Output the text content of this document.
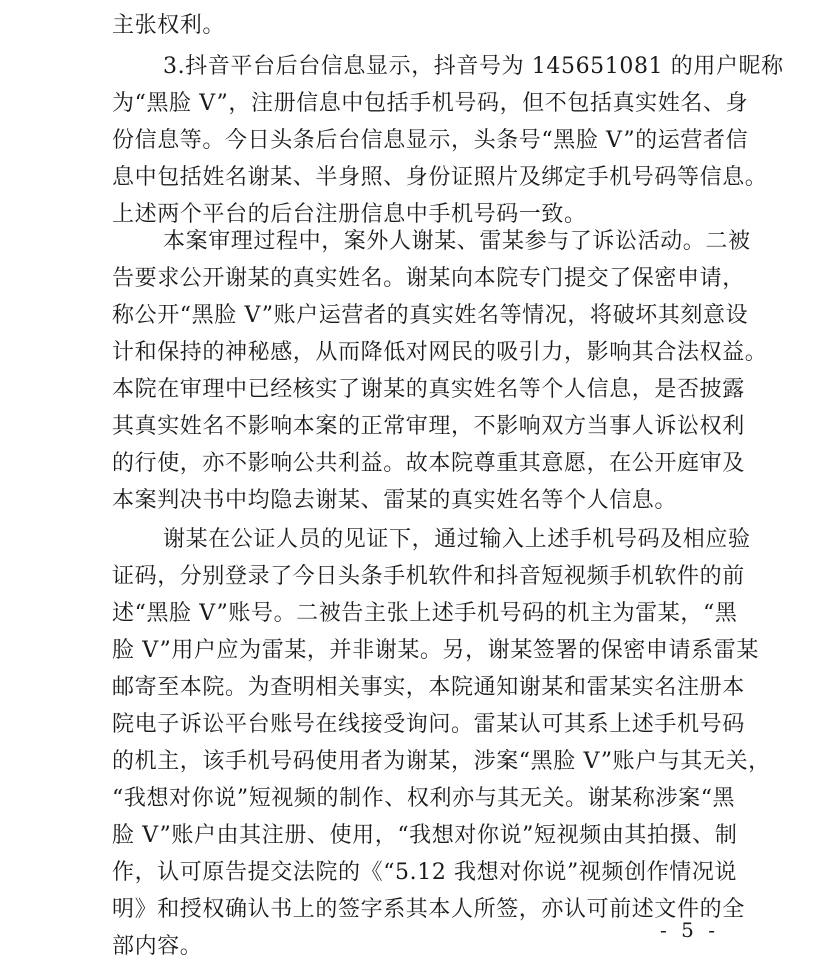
主张权利。
3.抖音平台后台信息显示，抖音号为 145651081 的用户昵称
为“黑脸 V”，注册信息中包括手机号码，但不包括真实姓名、身
份信息等。今日头条后台信息显示，头条号“黑脸 V”的运营者信
息中包括姓名谢某、半身照、身份证照片及绑定手机号码等信息。
上述两个平台的后台注册信息中手机号码一致。
本案审理过程中，案外人谢某、雷某参与了诉讼活动。二被
告要求公开谢某的真实姓名。谢某向本院专门提交了保密申请，
称公开“黑脸 V”账户运营者的真实姓名等情况，将破坏其刻意设
计和保持的神秘感，从而降低对网民的吸引力，影响其合法权益。
本院在审理中已经核实了谢某的真实姓名等个人信息，是否披露
其真实姓名不影响本案的正常审理，不影响双方当事人诉讼权利
的行使，亦不影响公共利益。故本院尊重其意愿，在公开庭审及
本案判决书中均隐去谢某、雷某的真实姓名等个人信息。
谢某在公证人员的见证下，通过输入上述手机号码及相应验
证码，分别登录了今日头条手机软件和抖音短视频手机软件的前
述“黑脸 V”账号。二被告主张上述手机号码的机主为雷某，“黑
脸 V”用户应为雷某，并非谢某。另，谢某签署的保密申请系雷某
邮寄至本院。为查明相关事实，本院通知谢某和雷某实名注册本
院电子诉讼平台账号在线接受询问。雷某认可其系上述手机号码
的机主，该手机号码使用者为谢某，涉案“黑脸 V”账户与其无关，
“我想对你说”短视频的制作、权利亦与其无关。谢某称涉案“黑
脸 V”账户由其注册、使用，“我想对你说”短视频由其拍摄、制
作，认可原告提交法院的《“5.12 我想对你说”视频创作情况说
明》和授权确认书上的签字系其本人所签，亦认可前述文件的全
部内容。
- 5 -
